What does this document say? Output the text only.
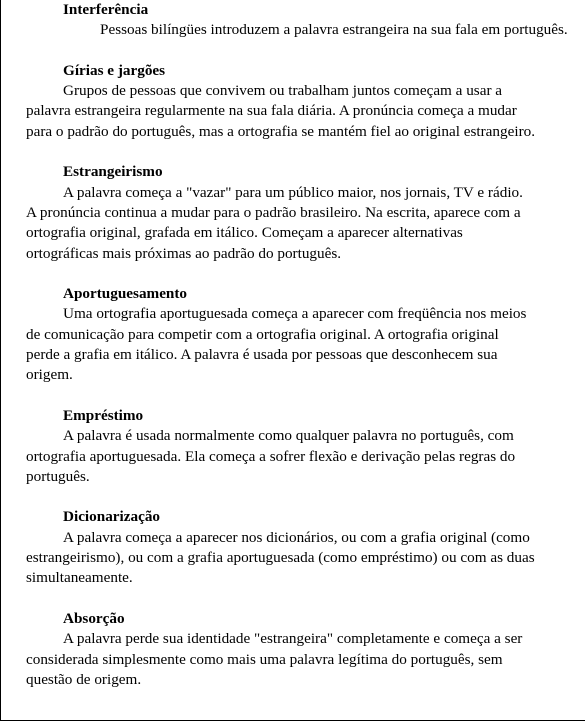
Interferência
Pessoas bilíngües introduzem a palavra estrangeira na sua fala em português.
Gírias e jargões
Grupos de pessoas que convivem ou trabalham juntos começam a usar a
palavra estrangeira regularmente na sua fala diária. A pronúncia começa a mudar
para o padrão do português, mas a ortografia se mantém fiel ao original estrangeiro.
Estrangeirismo
A palavra começa a "vazar" para um público maior, nos jornais, TV e rádio.
A pronúncia continua a mudar para o padrão brasileiro. Na escrita, aparece com a
ortografia original, grafada em itálico. Começam a aparecer alternativas
ortográficas mais próximas ao padrão do português.
Aportuguesamento
Uma ortografia aportuguesada começa a aparecer com freqüência nos meios
de comunicação para competir com a ortografia original. A ortografia original
perde a grafia em itálico. A palavra é usada por pessoas que desconhecem sua
origem.
Empréstimo
A palavra é usada normalmente como qualquer palavra no português, com
ortografia aportuguesada. Ela começa a sofrer flexão e derivação pelas regras do
português.
Dicionarização
A palavra começa a aparecer nos dicionários, ou com a grafia original (como
estrangeirismo), ou com a grafia aportuguesada (como empréstimo) ou com as duas
simultaneamente.
Absorção
A palavra perde sua identidade "estrangeira" completamente e começa a ser
considerada simplesmente como mais uma palavra legítima do português, sem
questão de origem.
